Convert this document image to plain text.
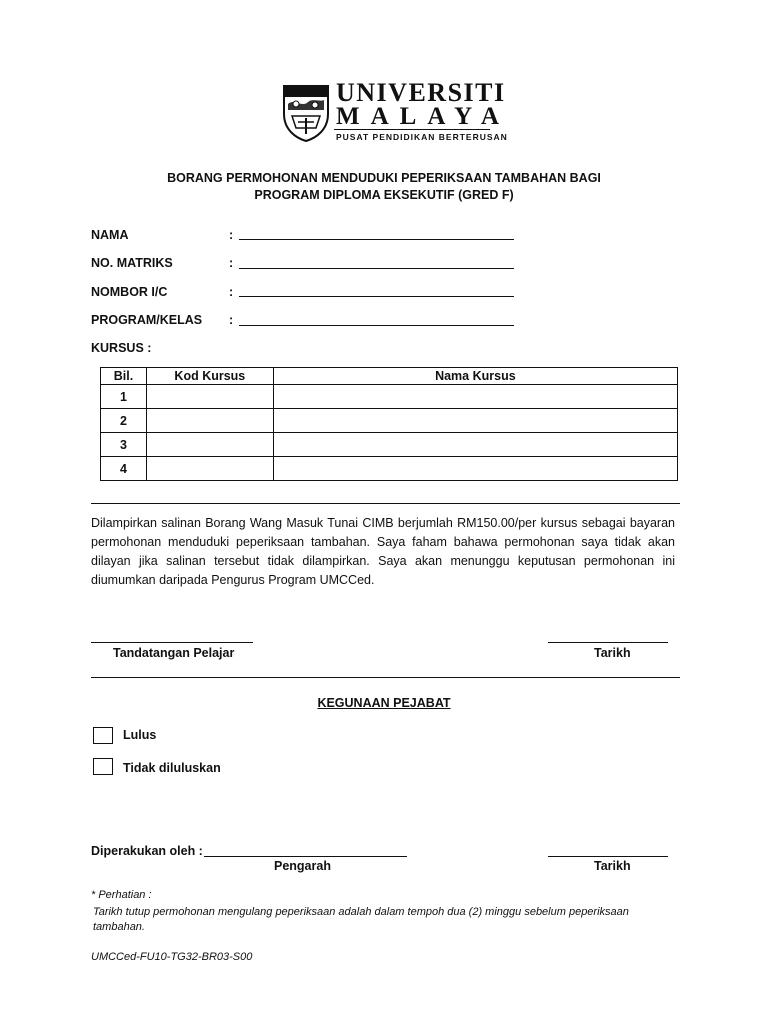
UNIVERSITI
MALAYA
PUSAT PENDIDIKAN BERTERUSAN
BORANG PERMOHONAN MENDUDUKI PEPERIKSAAN TAMBAHAN BAGI
PROGRAM DIPLOMA EKSEKUTIF (GRED F)
NAMA	:
NO. MATRIKS	:
NOMBOR I/C	:
PROGRAM/KELAS :
KURSUS :
Bil.	Kod Kursus	Nama Kursus
1		
2		
3		
4		
Dilampirkan salinan Borang Wang Masuk Tunai CIMB berjumlah RM150.00/per kursus sebagai bayaran permohonan menduduki peperiksaan tambahan. Saya faham bahawa permohonan saya tidak akan dilayan jika salinan tersebut tidak dilampirkan. Saya akan menunggu keputusan permohonan ini diumumkan daripada Pengurus Program UMCCed.
Tandatangan Pelajar	Tarikh
KEGUNAAN PEJABAT
Lulus
Tidak diluluskan
Diperakukan oleh :
Pengarah	Tarikh
* Perhatian :
Tarikh tutup permohonan mengulang peperiksaan adalah dalam tempoh dua (2) minggu sebelum peperiksaan tambahan.
UMCCed-FU10-TG32-BR03-S00
